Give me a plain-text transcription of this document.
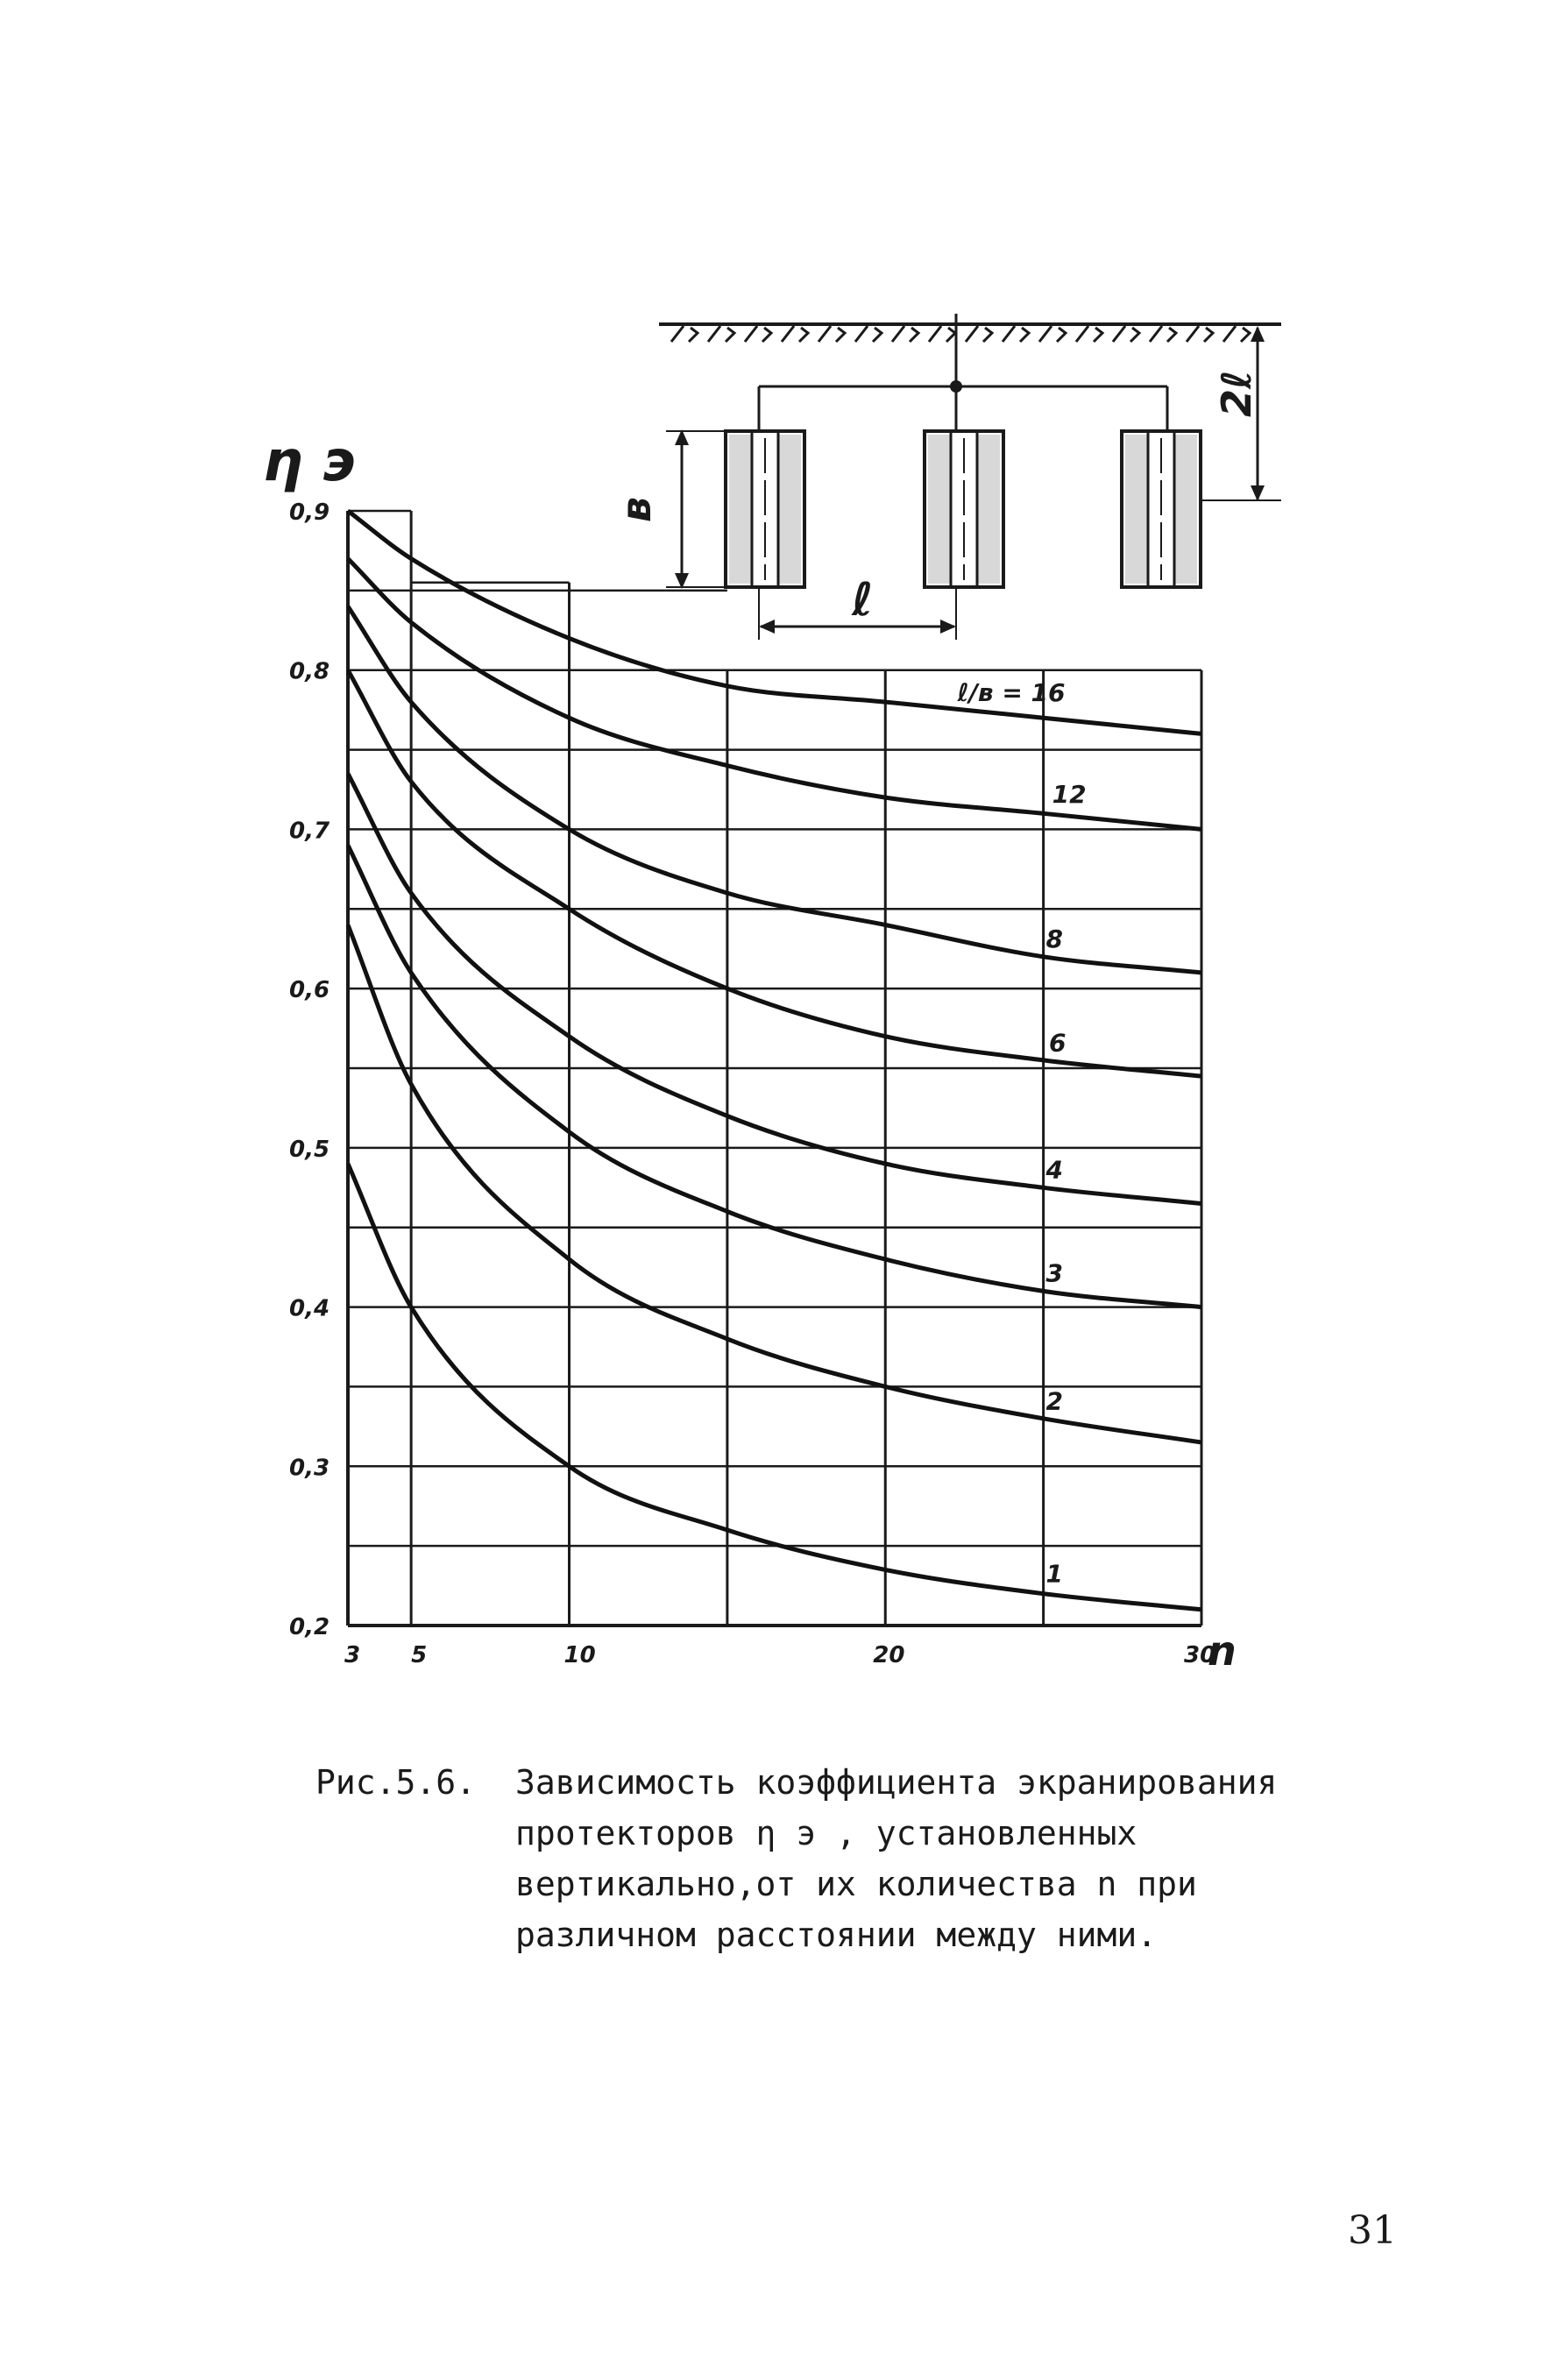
0,2
0,3
0,4
0,5
0,6
0,7
0,8
0,9
3 5	10	20	30
ℓ/в = 16
12
8
6
4
3
2
1
η э
n
в
ℓ
2ℓ
Рис.5.6. Зависимость коэффициента экранирования протекторов η э , установленных вертикально,от их количества n при различном расстоянии между ними.
31
